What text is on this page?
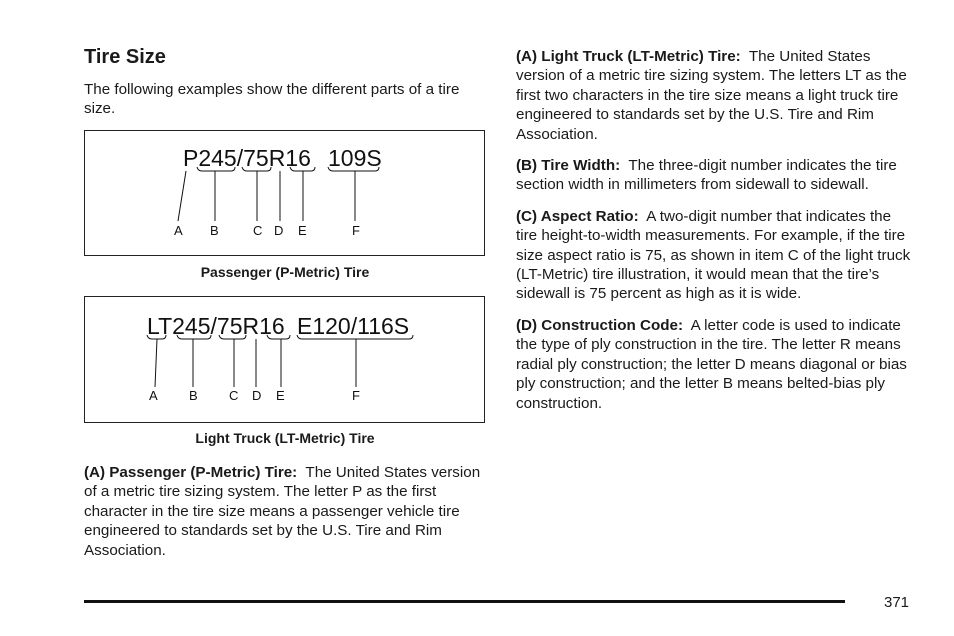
Tire Size

The following examples show the different parts of a tire size.

P245/75R16 109S
A B	C D E	F
Passenger (P-Metric) Tire
LT245/75R16 E120/116S
A B C D E	F
Light Truck (LT-Metric) Tire

(A) Passenger (P-Metric) Tire: The United States version of a metric tire sizing system. The letter P as the first character in the tire size means a passenger vehicle tire engineered to standards set by the U.S. Tire and Rim Association.

(A) Light Truck (LT-Metric) Tire: The United States version of a metric tire sizing system. The letters LT as the first two characters in the tire size means a light truck tire engineered to standards set by the U.S. Tire and Rim Association.

(B) Tire Width: The three-digit number indicates the tire section width in millimeters from sidewall to sidewall.

(C) Aspect Ratio: A two-digit number that indicates the tire height-to-width measurements. For example, if the tire size aspect ratio is 75, as shown in item C of the light truck (LT-Metric) tire illustration, it would mean that the tire’s sidewall is 75 percent as high as it is wide.

(D) Construction Code: A letter code is used to indicate the type of ply construction in the tire. The letter R means radial ply construction; the letter D means diagonal or bias ply construction; and the letter B means belted-bias ply construction.

371
